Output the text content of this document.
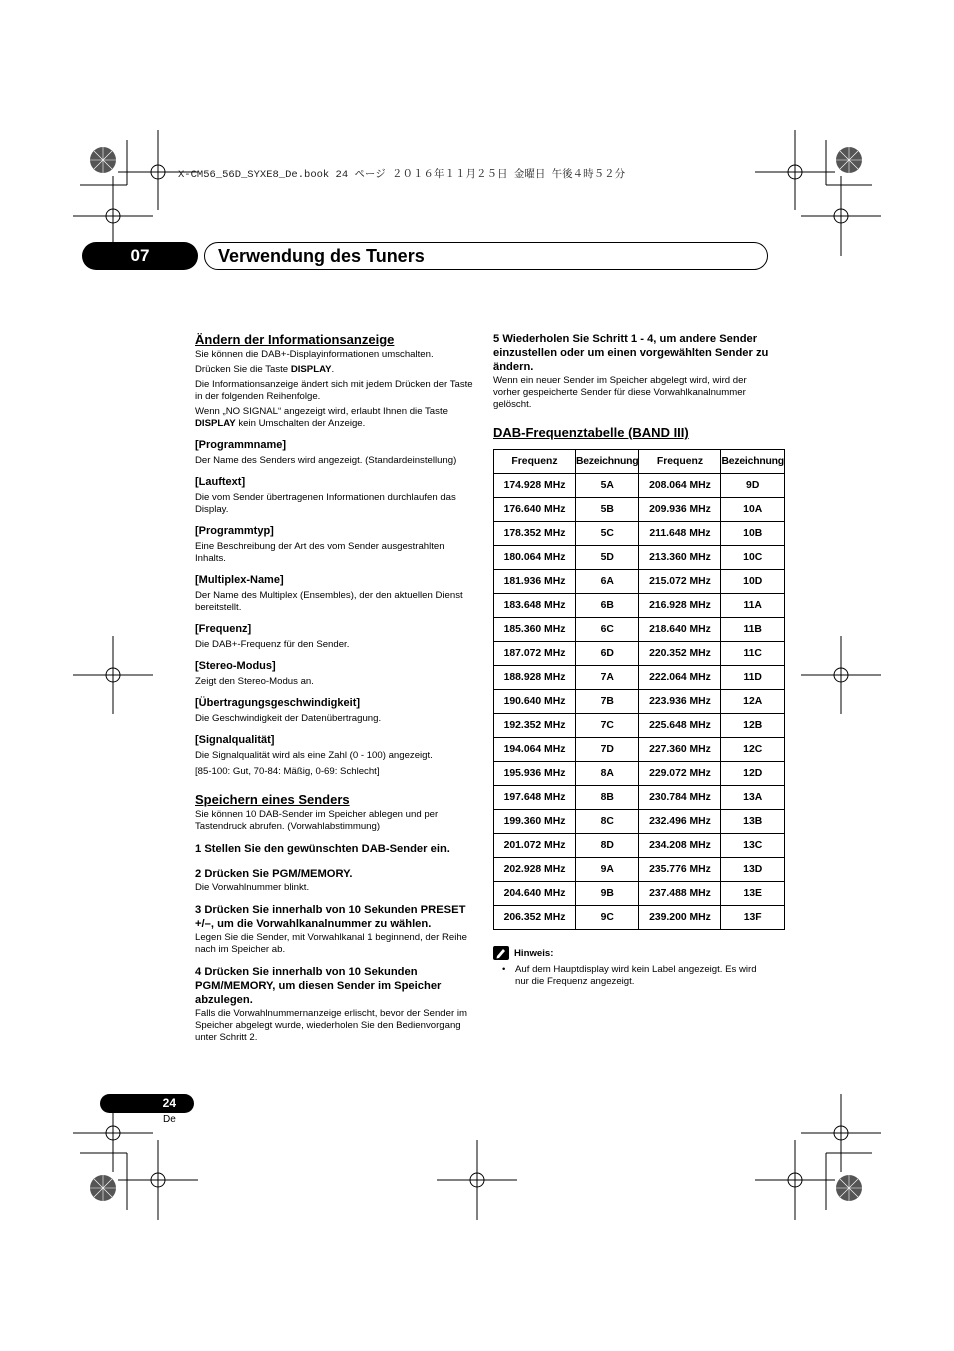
X-CM56_56D_SYXE8_De.book 24 ページ ２０１６年１１月２５日 金曜日 午後４時５２分
07	Verwendung des Tuners
Ändern der Informationsanzeige

Sie können die DAB+-Displayinformationen umschalten.

Drücken Sie die Taste DISPLAY.

Die Informationsanzeige ändert sich mit jedem Drücken der Taste in der folgenden Reihenfolge.

Wenn „NO SIGNAL“ angezeigt wird, erlaubt Ihnen die Taste DISPLAY kein Umschalten der Anzeige.

[Programmname]

Der Name des Senders wird angezeigt. (Standardeinstellung)

[Lauftext]

Die vom Sender übertragenen Informationen durchlaufen das Display.

[Programmtyp]

Eine Beschreibung der Art des vom Sender ausgestrahlten Inhalts.

[Multiplex-Name]

Der Name des Multiplex (Ensembles), der den aktuellen Dienst bereitstellt.

[Frequenz]

Die DAB+-Frequenz für den Sender.

[Stereo-Modus]

Zeigt den Stereo-Modus an.

[Übertragungsgeschwindigkeit]

Die Geschwindigkeit der Datenübertragung.

[Signalqualität]

Die Signalqualität wird als eine Zahl (0 - 100) angezeigt.

[85-100: Gut, 70-84: Mäßig, 0-69: Schlecht]

Speichern eines Senders

Sie können 10 DAB-Sender im Speicher ablegen und per Tastendruck abrufen. (Vorwahlabstimmung)

1 Stellen Sie den gewünschten DAB-Sender ein.

2 Drücken Sie PGM/MEMORY.

Die Vorwahlnummer blinkt.

3 Drücken Sie innerhalb von 10 Sekunden PRESET +/–, um die Vorwahlkanalnummer zu wählen.

Legen Sie die Sender, mit Vorwahlkanal 1 beginnend, der Reihe nach im Speicher ab.

4 Drücken Sie innerhalb von 10 Sekunden PGM/MEMORY, um diesen Sender im Speicher abzulegen.

Falls die Vorwahlnummernanzeige erlischt, bevor der Sender im Speicher abgelegt wurde, wiederholen Sie den Bedienvorgang unter Schritt 2.

5 Wiederholen Sie Schritt 1 - 4, um andere Sender einzustellen oder um einen vorgewählten Sender zu ändern.

Wenn ein neuer Sender im Speicher abgelegt wird, wird der vorher gespeicherte Sender für diese Vorwahlkanalnummer gelöscht.

DAB-Frequenztabelle (BAND III)
Frequenz	Bezeichnung	Frequenz	Bezeichnung
174.928 MHz	5A	208.064 MHz	9D
176.640 MHz	5B	209.936 MHz	10A
178.352 MHz	5C	211.648 MHz	10B
180.064 MHz	5D	213.360 MHz	10C
181.936 MHz	6A	215.072 MHz	10D
183.648 MHz	6B	216.928 MHz	11A
185.360 MHz	6C	218.640 MHz	11B
187.072 MHz	6D	220.352 MHz	11C
188.928 MHz	7A	222.064 MHz	11D
190.640 MHz	7B	223.936 MHz	12A
192.352 MHz	7C	225.648 MHz	12B
194.064 MHz	7D	227.360 MHz	12C
195.936 MHz	8A	229.072 MHz	12D
197.648 MHz	8B	230.784 MHz	13A
199.360 MHz	8C	232.496 MHz	13B
201.072 MHz	8D	234.208 MHz	13C
202.928 MHz	9A	235.776 MHz	13D
204.640 MHz	9B	237.488 MHz	13E
206.352 MHz	9C	239.200 MHz	13F
Hinweis:
• Auf dem Hauptdisplay wird kein Label angezeigt. Es wird nur die Frequenz angezeigt.
24
De
